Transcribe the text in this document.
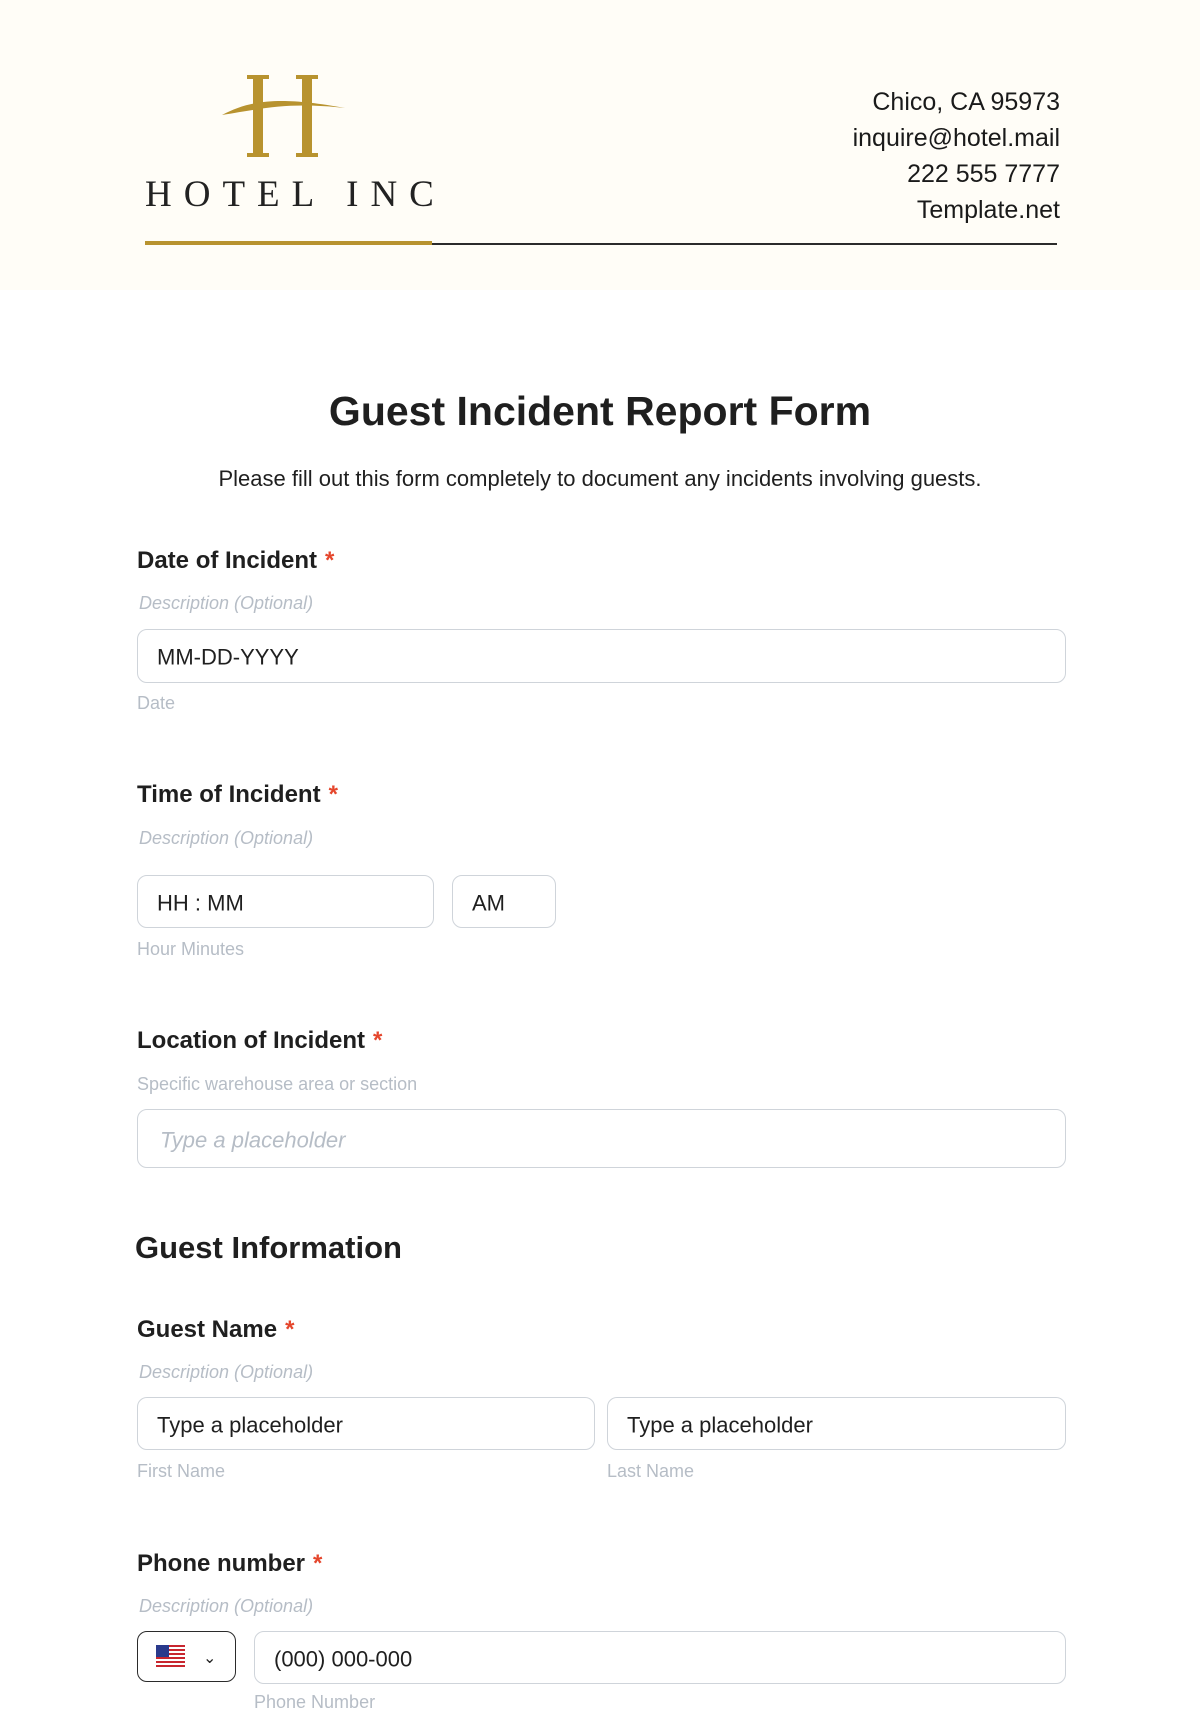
HOTEL INC
Chico, CA 95973
inquire@hotel.mail
222 555 7777
Template.net
Guest Incident Report Form
Please fill out this form completely to document any incidents involving guests.
Date of Incident *
Description (Optional)
MM-DD-YYYY
Date
Time of Incident *
Description (Optional)
HH : MM	AM
Hour Minutes
Location of Incident *
Specific warehouse area or section
Type a placeholder
Guest Information
Guest Name *
Description (Optional)
Type a placeholder	Type a placeholder
First Name	Last Name
Phone number *
Description (Optional)
⌄	(000) 000-000
Phone Number
